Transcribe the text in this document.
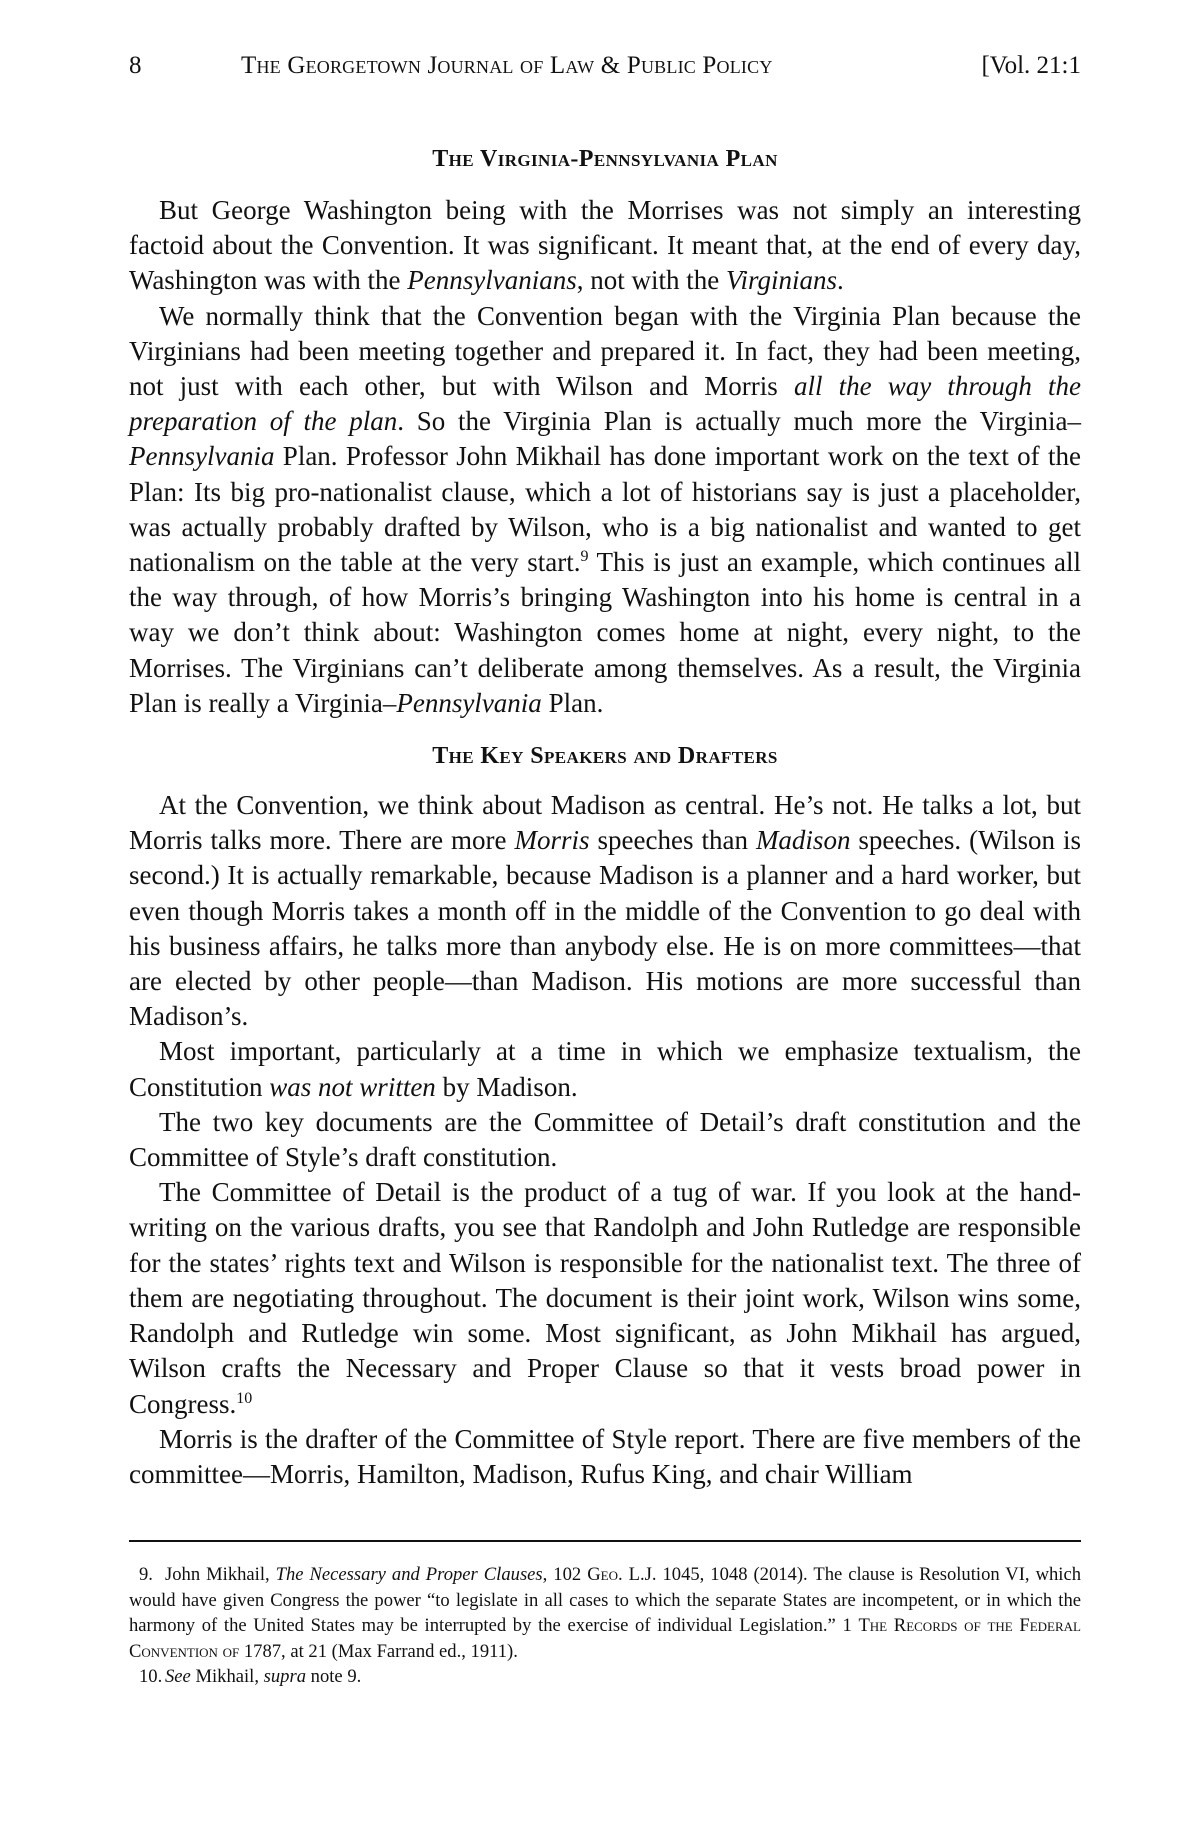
8	The Georgetown Journal of Law & Public Policy	[Vol. 21:1
The Virginia-Pennsylvania Plan

But George Washington being with the Morrises was not simply an interesting factoid about the Convention. It was significant. It meant that, at the end of every day, Washington was with the Pennsylvanians, not with the Virginians.

We normally think that the Convention began with the Virginia Plan because the Virginians had been meeting together and prepared it. In fact, they had been meeting, not just with each other, but with Wilson and Morris all the way through the preparation of the plan. So the Virginia Plan is actually much more the Virginia–Pennsylvania Plan. Professor John Mikhail has done important work on the text of the Plan: Its big pro-nationalist clause, which a lot of historians say is just a placeholder, was actually probably drafted by Wilson, who is a big nationalist and wanted to get nationalism on the table at the very start.$^9$ This is just an example, which continues all the way through, of how Morris’s bringing Washington into his home is central in a way we don’t think about: Washington comes home at night, every night, to the Morrises. The Virginians can’t deliberate among themselves. As a result, the Virginia Plan is really a Virginia–Pennsylvania Plan.

The Key Speakers and Drafters

At the Convention, we think about Madison as central. He’s not. He talks a lot, but Morris talks more. There are more Morris speeches than Madison speeches. (Wilson is second.) It is actually remarkable, because Madison is a planner and a hard worker, but even though Morris takes a month off in the middle of the Convention to go deal with his business affairs, he talks more than anybody else. He is on more committees—that are elected by other people—than Madison. His motions are more successful than Madison’s.

Most important, particularly at a time in which we emphasize textualism, the Constitution was not written by Madison.

The two key documents are the Committee of Detail’s draft constitution and the Committee of Style’s draft constitution.

The Committee of Detail is the product of a tug of war. If you look at the handwriting on the various drafts, you see that Randolph and John Rutledge are responsible for the states’ rights text and Wilson is responsible for the nationalist text. The three of them are negotiating throughout. The document is their joint work, Wilson wins some, Randolph and Rutledge win some. Most significant, as John Mikhail has argued, Wilson crafts the Necessary and Proper Clause so that it vests broad power in Congress.$^{10}$

Morris is the drafter of the Committee of Style report. There are five members of the committee—Morris, Hamilton, Madison, Rufus King, and chair William

9. John Mikhail, The Necessary and Proper Clauses, 102 Geo. L.J. 1045, 1048 (2014). The clause is Resolution VI, which would have given Congress the power “to legislate in all cases to which the separate States are incompetent, or in which the harmony of the United States may be interrupted by the exercise of individual Legislation.” 1 The Records of the Federal Convention of 1787, at 21 (Max Farrand ed., 1911).

10. See Mikhail, supra note 9.
